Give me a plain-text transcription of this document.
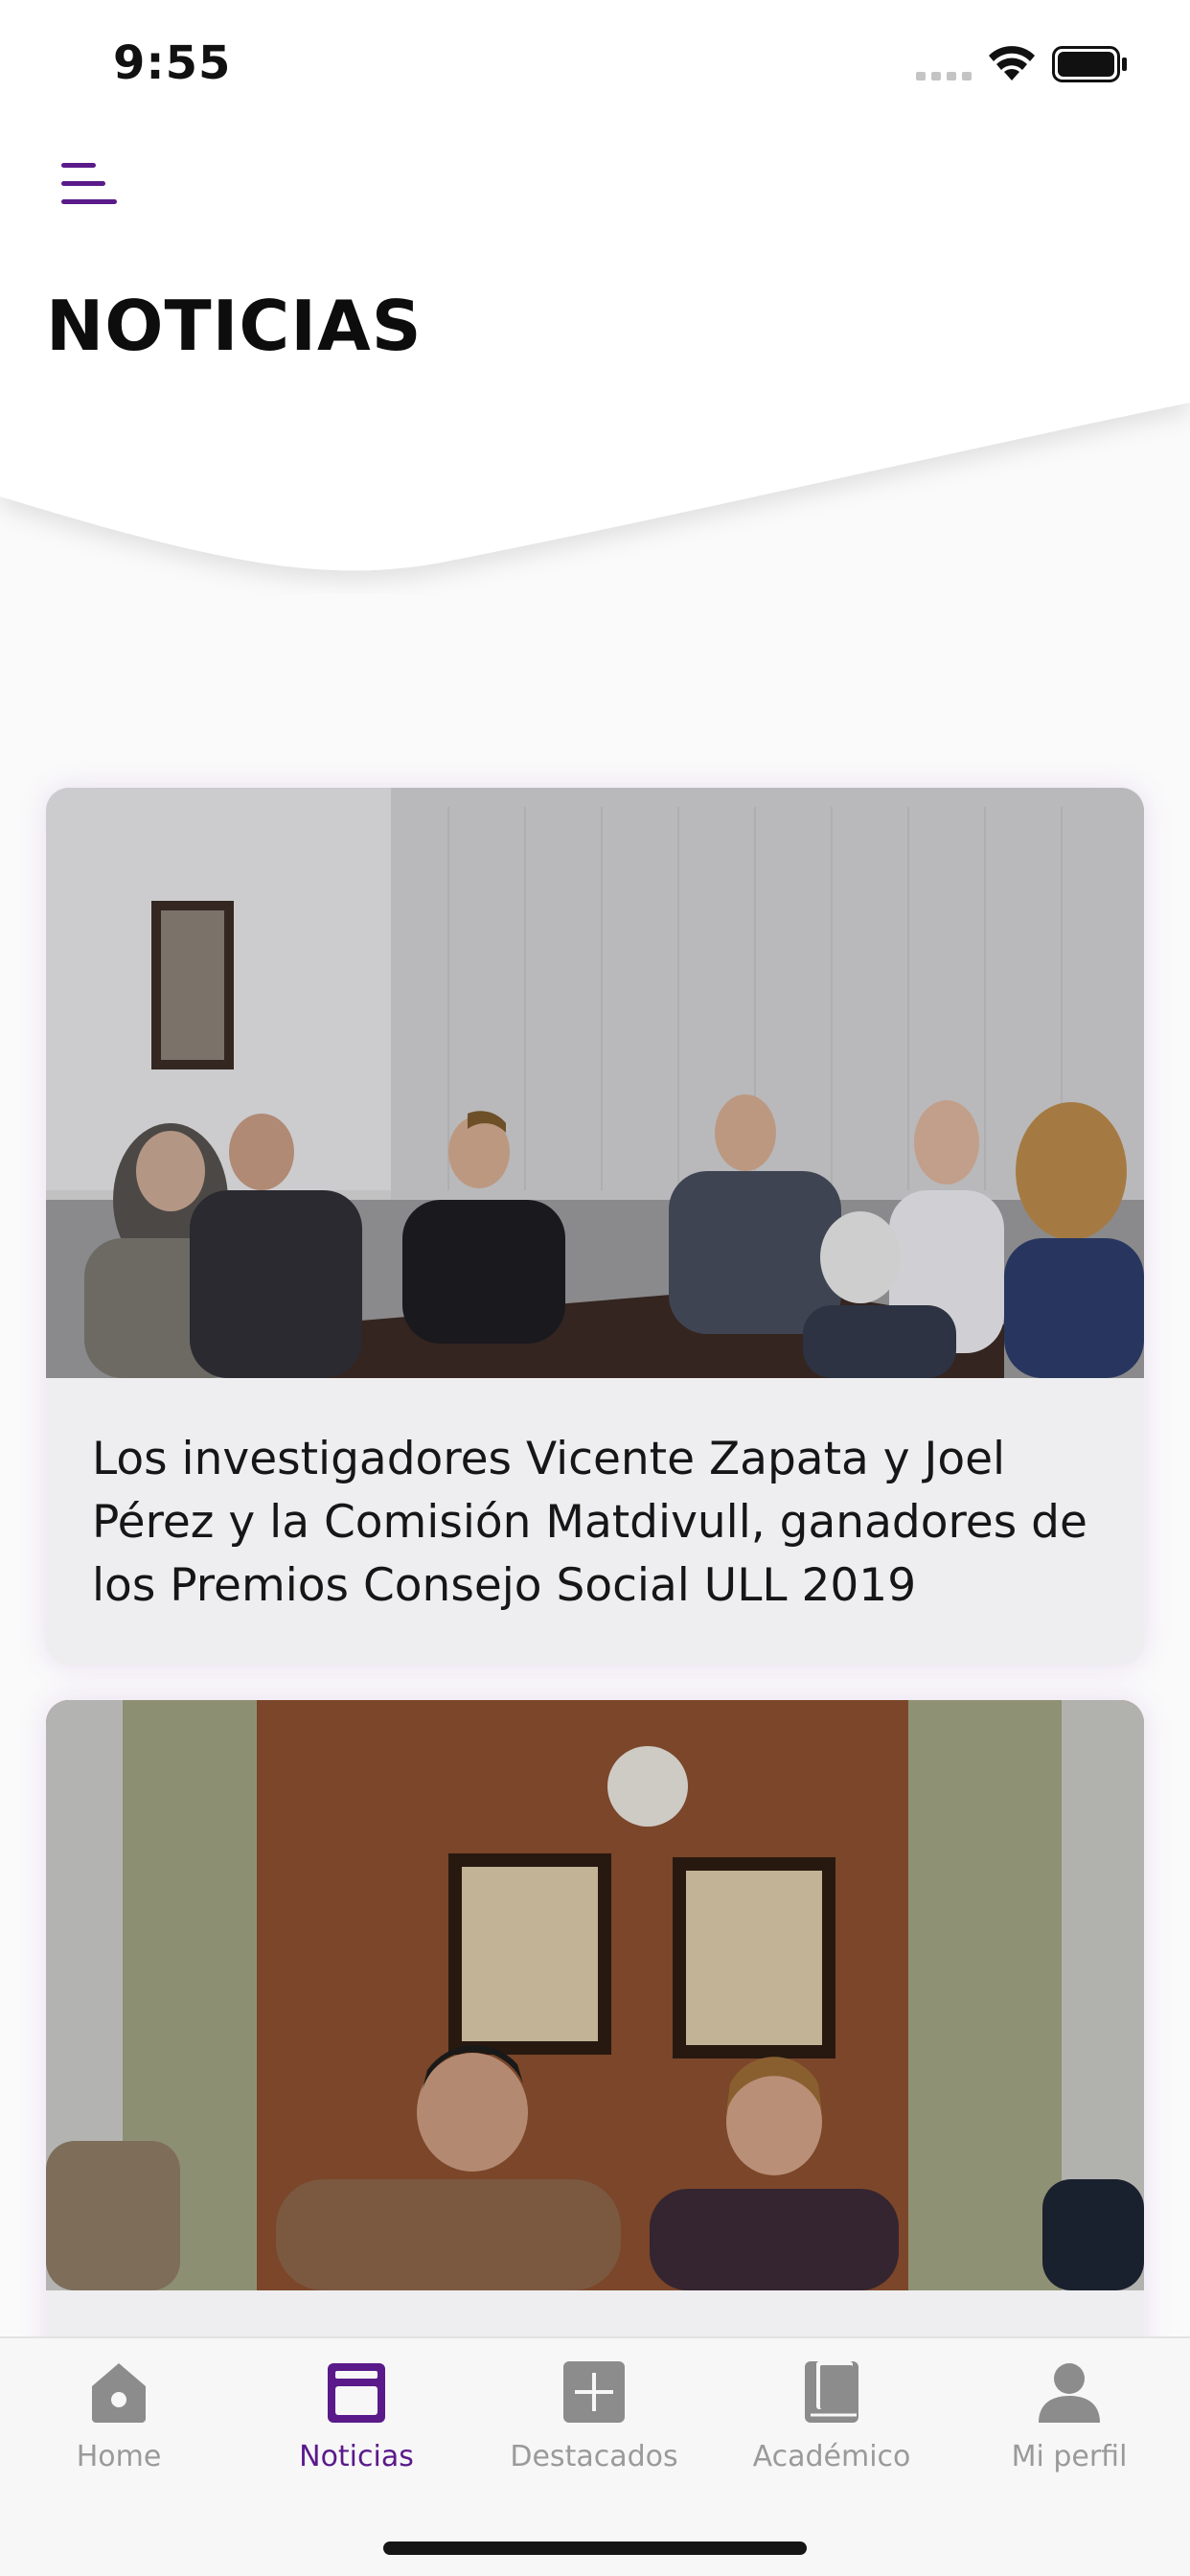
NOTICIAS
9:55

Los investigadores Vicente Zapata y Joel Pérez y la Comisión Matdivull, ganadores de los Premios Consejo Social ULL 2019

Home	Noticias	Destacados	Académico	Mi perfil
